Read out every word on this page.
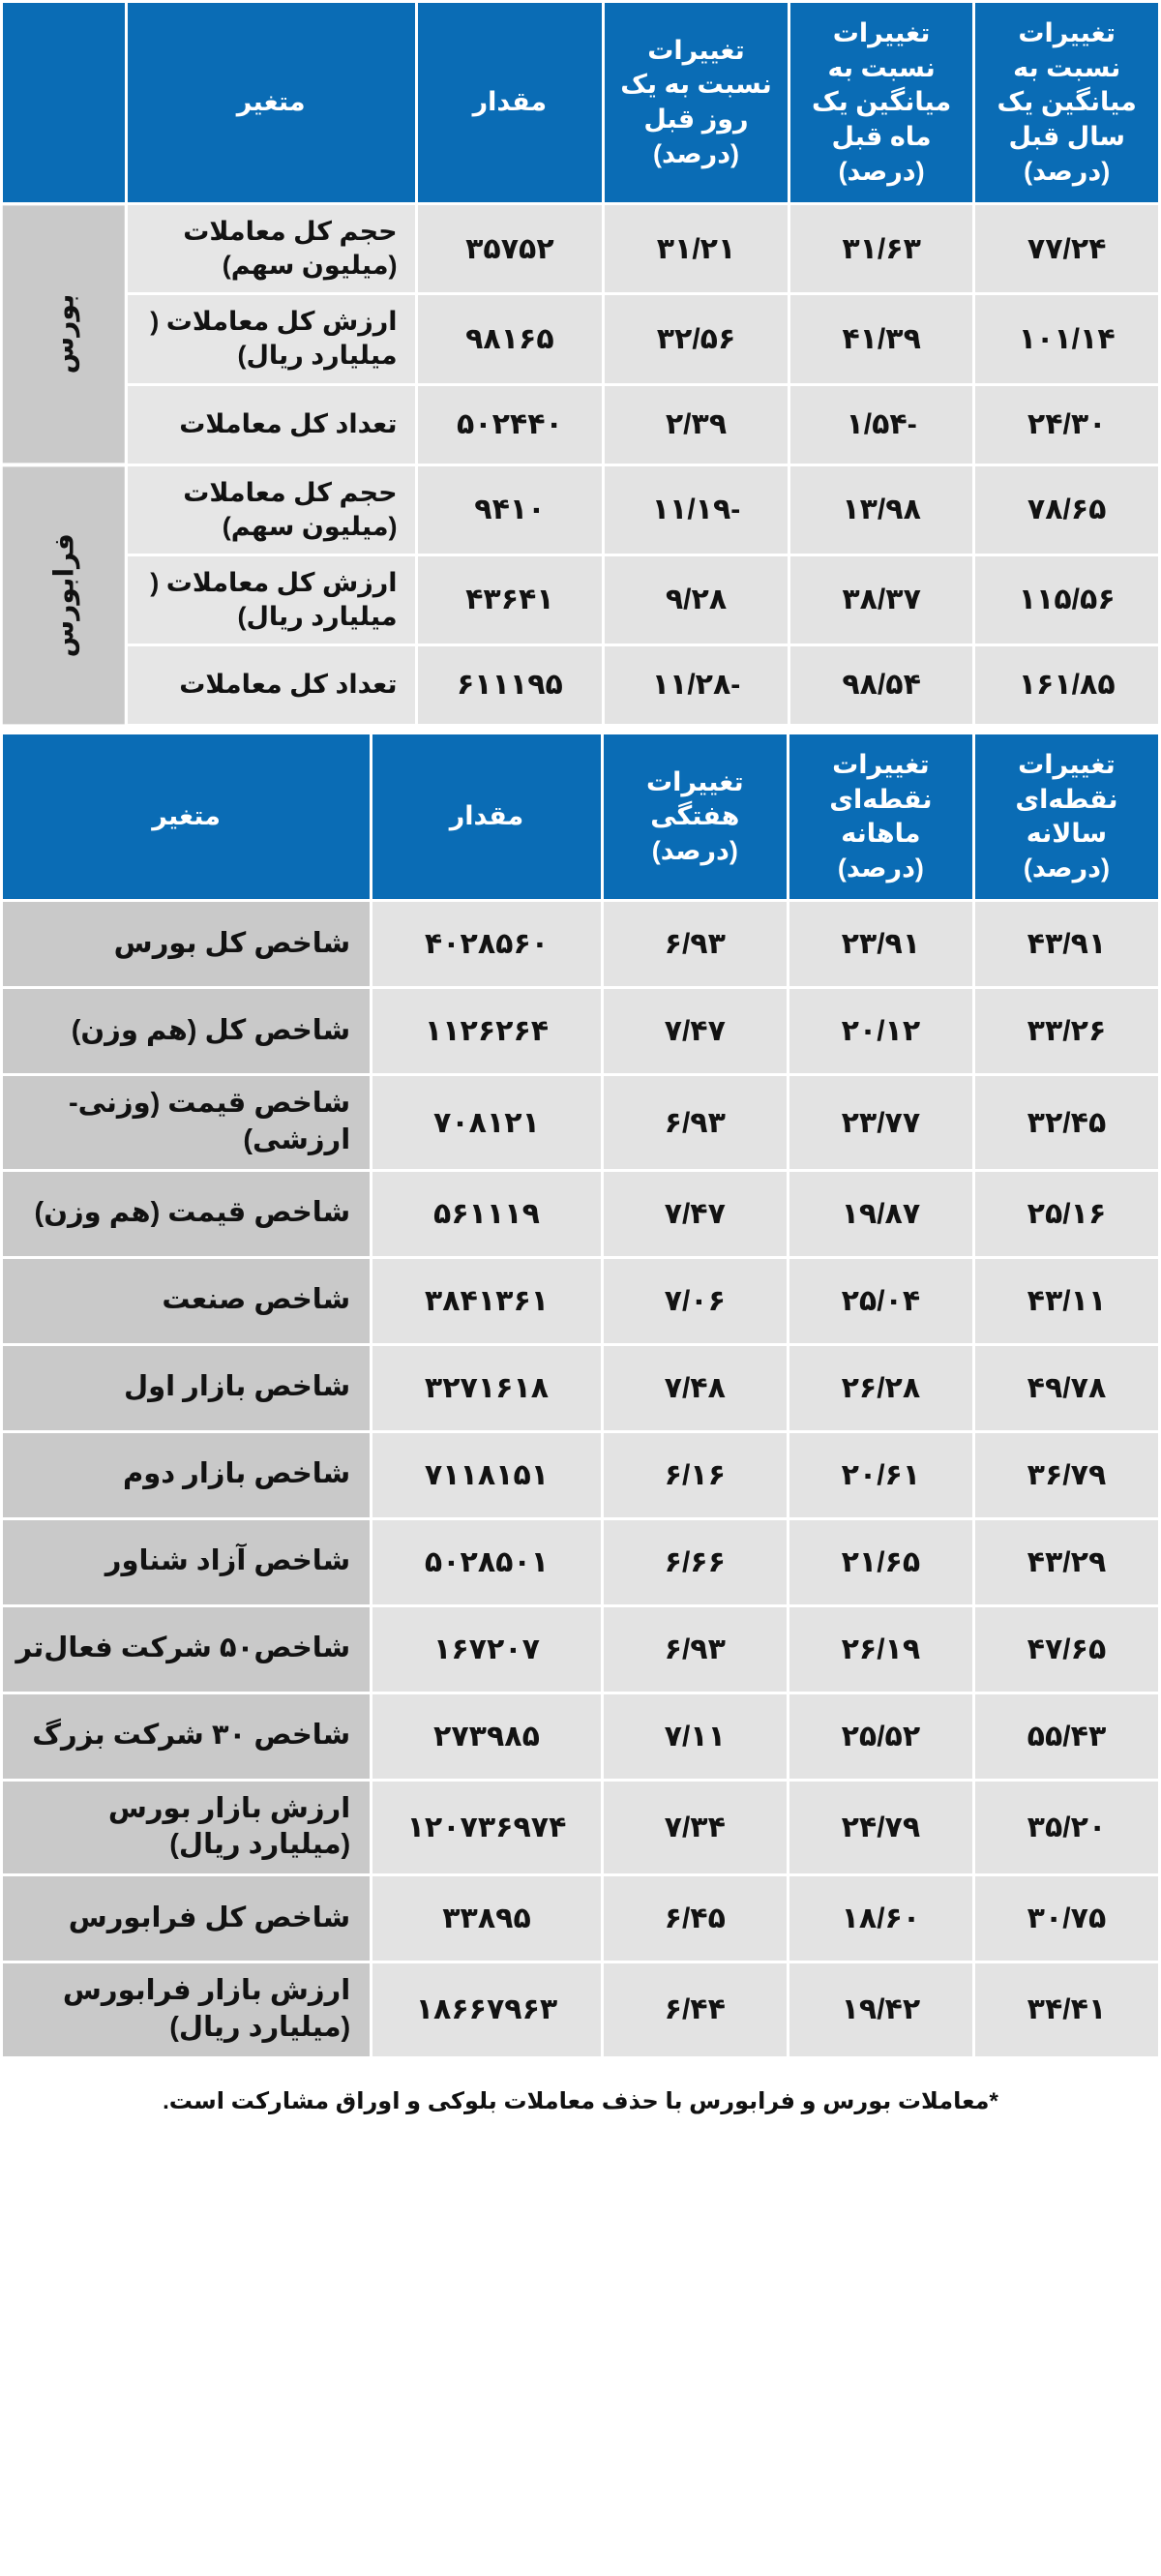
تغییرات نسبت به میانگین یک سال قبل (درصد)	تغییرات نسبت به میانگین یک ماه قبل (درصد)	تغییرات نسبت به یک روز قبل (درصد)	مقدار	متغیر	
۷۷/۲۴	۳۱/۶۳	۳۱/۲۱	۳۵۷۵۲	حجم کل معاملات (میلیون سهم)	بورس
۱۰۱/۱۴	۴۱/۳۹	۳۲/۵۶	۹۸۱۶۵	ارزش کل معاملات ( میلیارد ریال)	
۲۴/۳۰	-۱/۵۴	۲/۳۹	۵۰۲۴۴۰	تعداد کل معاملات	
۷۸/۶۵	۱۳/۹۸	-۱۱/۱۹	۹۴۱۰	حجم کل معاملات (میلیون سهم)	فرابورس
۱۱۵/۵۶	۳۸/۳۷	۹/۲۸	۴۳۶۴۱	ارزش کل معاملات ( میلیارد ریال)	
۱۶۱/۸۵	۹۸/۵۴	-۱۱/۲۸	۶۱۱۱۹۵	تعداد کل معاملات	
تغییرات نقطه‌ای سالانه (درصد)	تغییرات نقطه‌ای ماهانه (درصد)	تغییرات هفتگی (درصد)	مقدار	متغیر
۴۳/۹۱	۲۳/۹۱	۶/۹۳	۴۰۲۸۵۶۰	شاخص کل بورس
۳۳/۲۶	۲۰/۱۲	۷/۴۷	۱۱۲۶۲۶۴	شاخص کل (هم وزن)
۳۲/۴۵	۲۳/۷۷	۶/۹۳	۷۰۸۱۲۱	شاخص قیمت (وزنی- ارزشی)
۲۵/۱۶	۱۹/۸۷	۷/۴۷	۵۶۱۱۱۹	شاخص قیمت (هم وزن)
۴۳/۱۱	۲۵/۰۴	۷/۰۶	۳۸۴۱۳۶۱	شاخص صنعت
۴۹/۷۸	۲۶/۲۸	۷/۴۸	۳۲۷۱۶۱۸	شاخص بازار اول
۳۶/۷۹	۲۰/۶۱	۶/۱۶	۷۱۱۸۱۵۱	شاخص بازار دوم
۴۳/۲۹	۲۱/۶۵	۶/۶۶	۵۰۲۸۵۰۱	شاخص آزاد شناور
۴۷/۶۵	۲۶/۱۹	۶/۹۳	۱۶۷۲۰۷	شاخص۵۰ شرکت فعال‌تر
۵۵/۴۳	۲۵/۵۲	۷/۱۱	۲۷۳۹۸۵	شاخص ۳۰ شرکت بزرگ
۳۵/۲۰	۲۴/۷۹	۷/۳۴	۱۲۰۷۳۶۹۷۴	ارزش بازار بورس (میلیارد ریال)
۳۰/۷۵	۱۸/۶۰	۶/۴۵	۳۳۸۹۵	شاخص کل فرابورس
۳۴/۴۱	۱۹/۴۲	۶/۴۴	۱۸۶۶۷۹۶۳	ارزش بازار فرابورس (میلیارد ریال)
*معاملات بورس و فرابورس با حذف معاملات بلوکی و اوراق مشارکت است.
